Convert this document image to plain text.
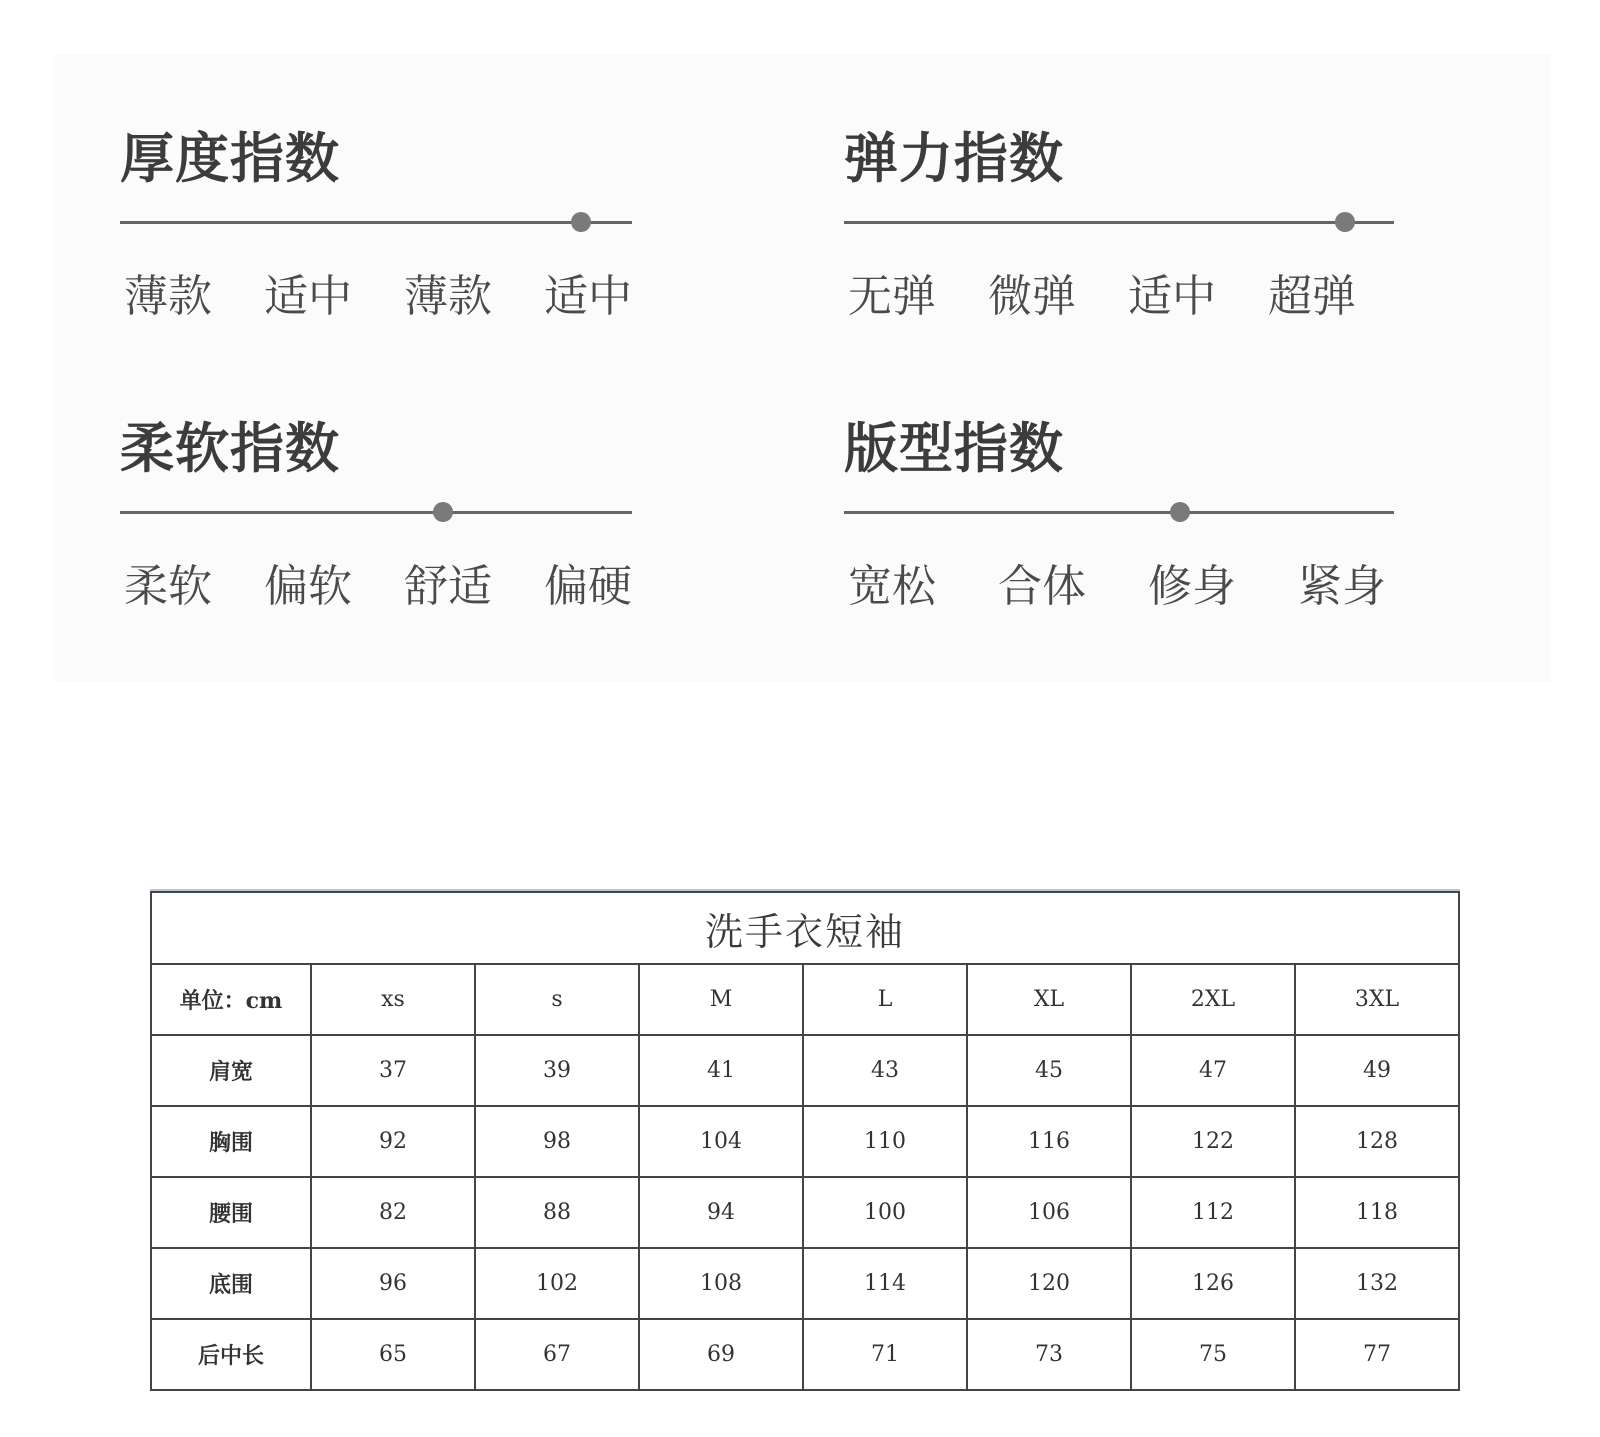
厚度指数
薄款 适中 薄款 适中
弹力指数
无弹 微弹 适中 超弹
柔软指数
柔软 偏软 舒适 偏硬
版型指数
宽松 合体 修身 紧身
洗手衣短袖							
单位：cm	xs	s	M	L	XL	2XL	3XL
肩宽	37	39	41	43	45	47	49
胸围	92	98	104	110	116	122	128
腰围	82	88	94	100	106	112	118
底围	96	102	108	114	120	126	132
后中长	65	67	69	71	73	75	77
